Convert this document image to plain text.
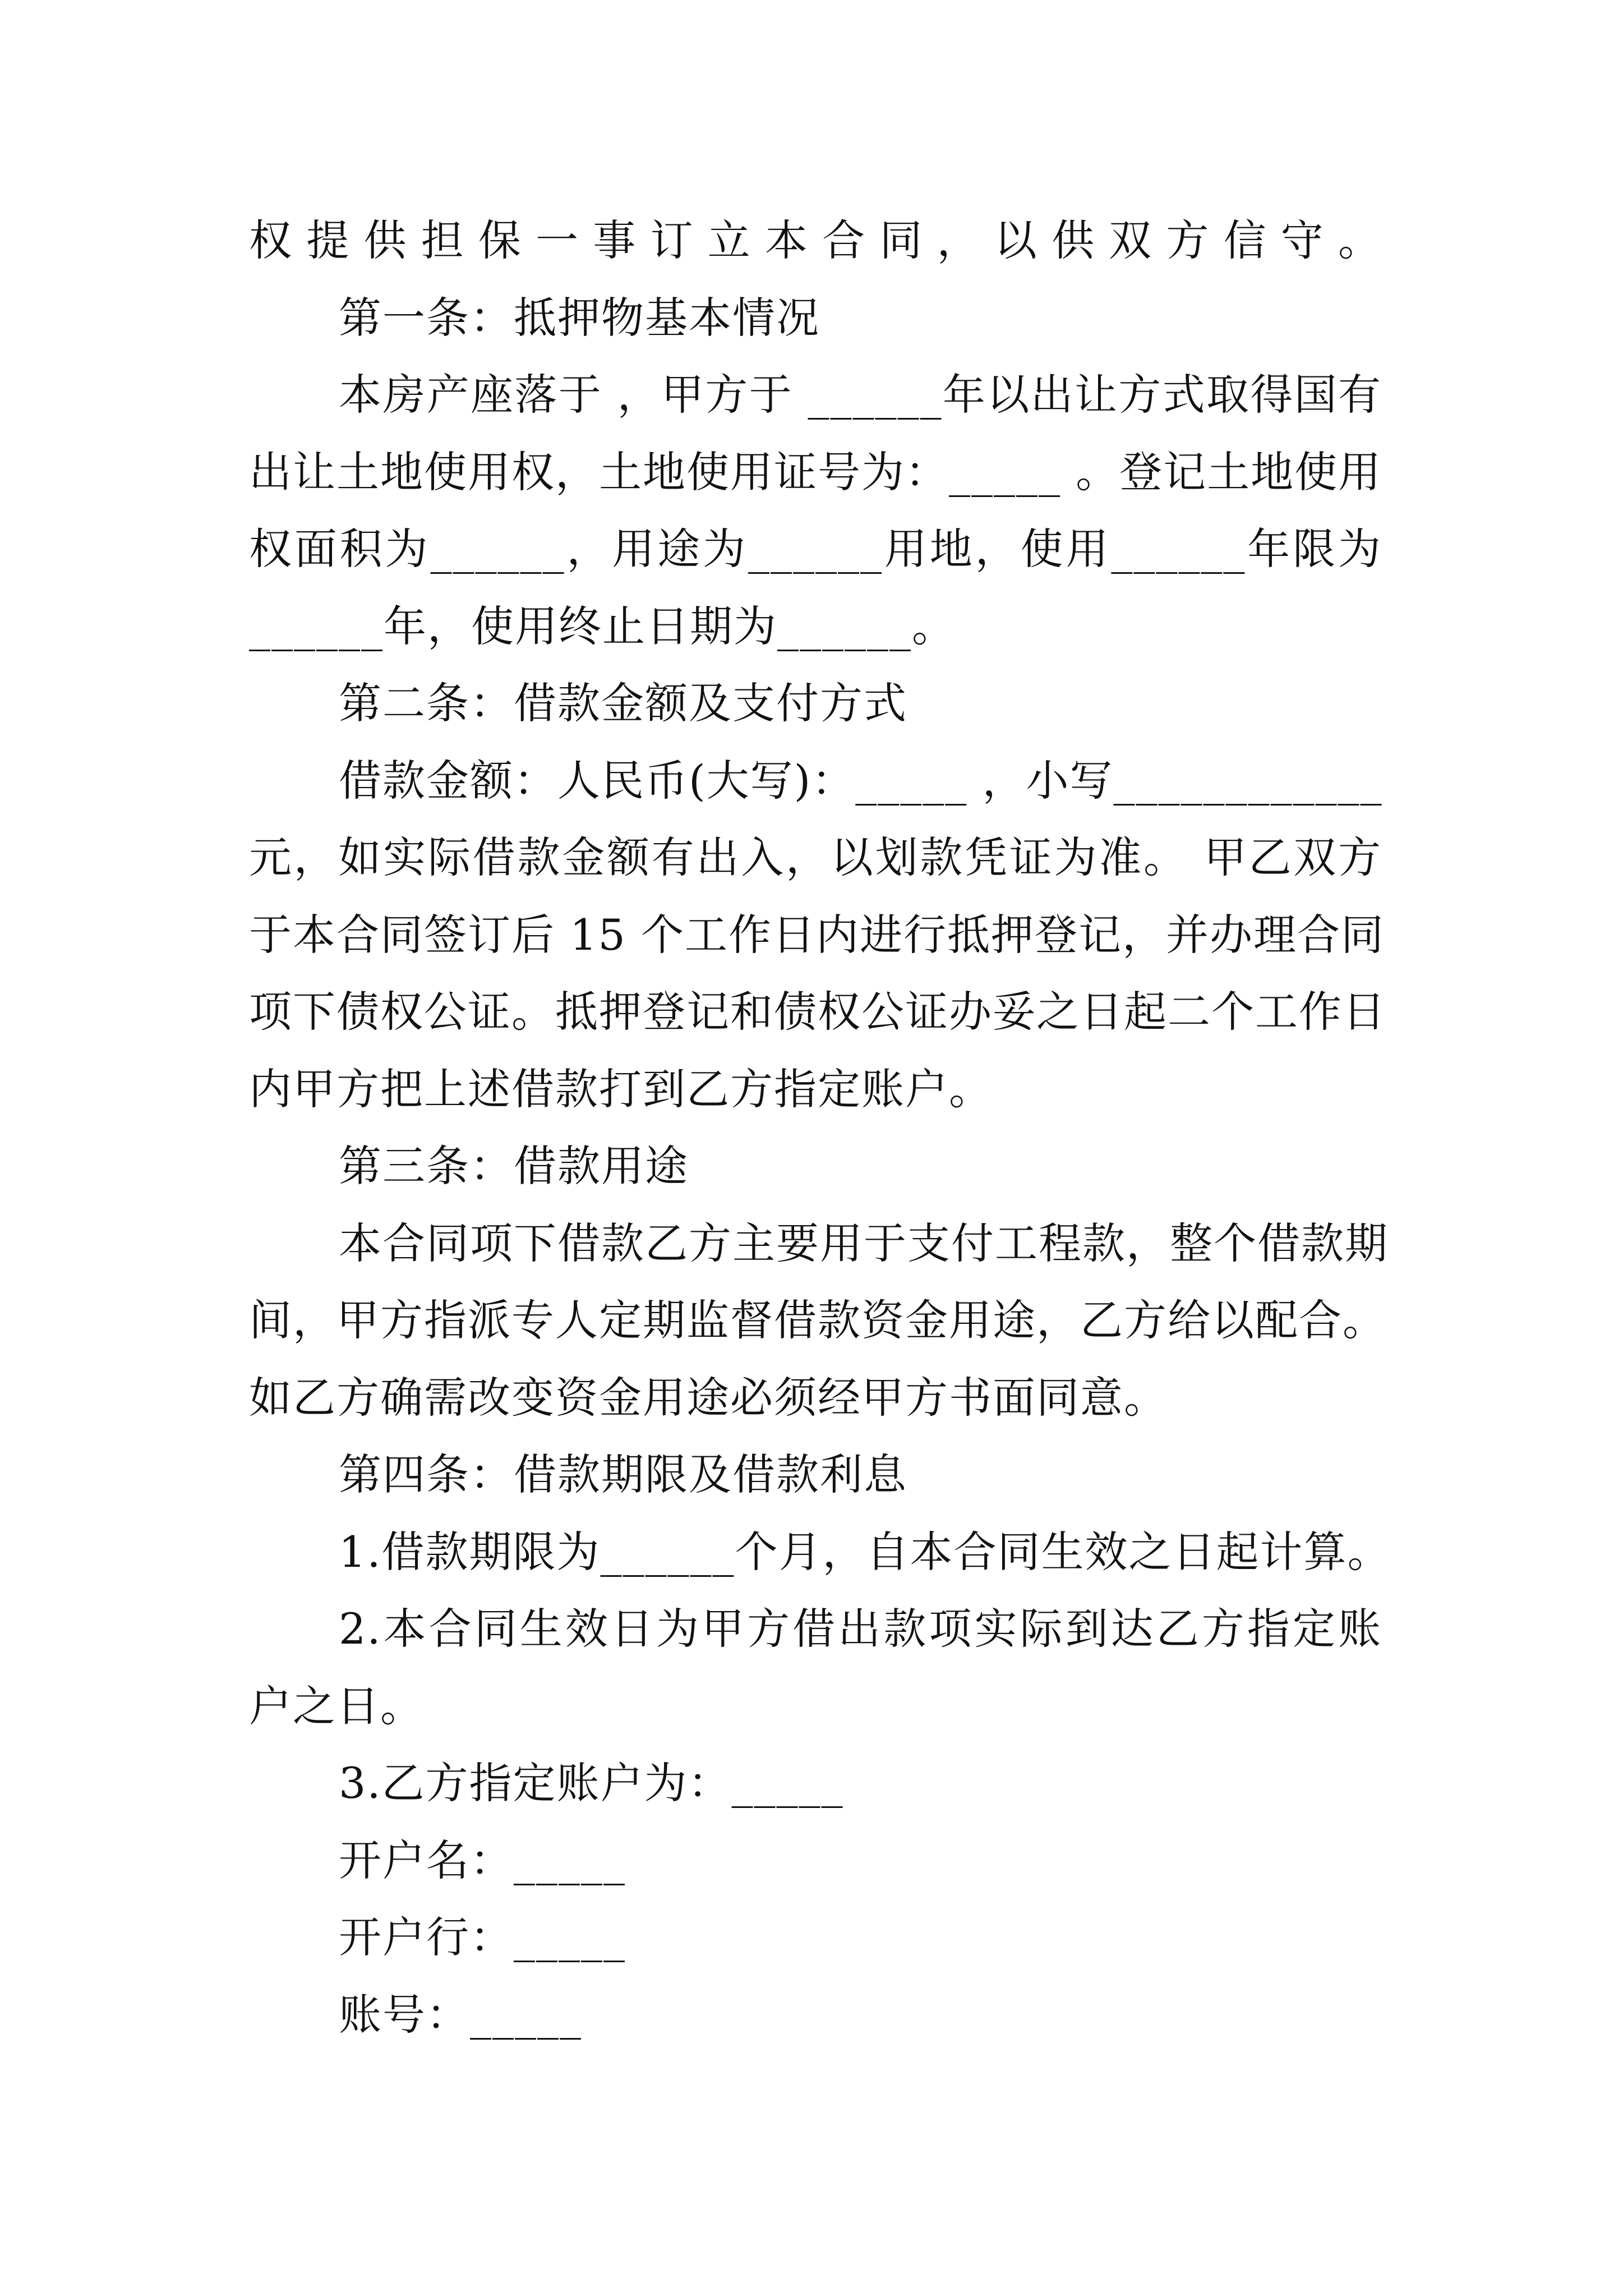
权提供担保一事订立本合同，以供双方信守。
第一条：抵押物基本情况
本房产座落于 ，甲方于 ______年以出让方式取得国有
出让土地使用权，土地使用证号为：_____ 。登记土地使用
权面积为______，用途为______用地，使用______年限为
______年，使用终止日期为______。
第二条：借款金额及支付方式
借款金额：人民币(大写)：_____ ，小写____________
元，如实际借款金额有出入，以划款凭证为准。 甲乙双方
于本合同签订后 15 个工作日内进行抵押登记，并办理合同
项下债权公证。抵押登记和债权公证办妥之日起二个工作日
内甲方把上述借款打到乙方指定账户。
第三条：借款用途
本合同项下借款乙方主要用于支付工程款，整个借款期
间，甲方指派专人定期监督借款资金用途，乙方给以配合。
如乙方确需改变资金用途必须经甲方书面同意。
第四条：借款期限及借款利息
1.借款期限为______个月，自本合同生效之日起计算。
2.本合同生效日为甲方借出款项实际到达乙方指定账
户之日。
3.乙方指定账户为：_____
开户名：_____
开户行：_____
账号：_____
